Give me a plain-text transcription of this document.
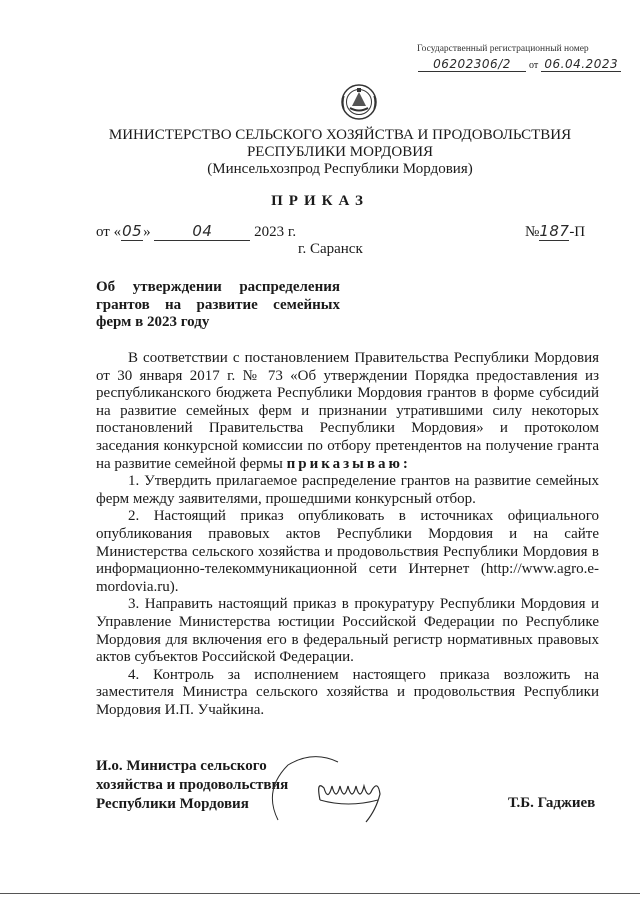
Государственный регистрационный номер
06202306/2 от 06.04.2023
МИНИСТЕРСТВО СЕЛЬСКОГО ХОЗЯЙСТВА И ПРОДОВОЛЬСТВИЯ
РЕСПУБЛИКИ МОРДОВИЯ
(Минсельхозпрод Республики Мордовия)
ПРИКАЗ
от «05»	04	2023 г.	№187-П
г. Саранск
Об утверждении распределения
грантов на развитие семейных
ферм в 2023 году

В соответствии с постановлением Правительства Республики Мордовия от 30 января 2017 г. № 73 «Об утверждении Порядка предоставления из республиканского бюджета Республики Мордовия грантов в форме субсидий на развитие семейных ферм и признании утратившими силу некоторых постановлений Правительства Республики Мордовия» и протоколом заседания конкурсной комиссии по отбору претендентов на получение гранта на развитие семейной фермы приказываю:

1. Утвердить прилагаемое распределение грантов на развитие семейных ферм между заявителями, прошедшими конкурсный отбор.

2. Настоящий приказ опубликовать в источниках официального опубликования правовых актов Республики Мордовия и на сайте Министерства сельского хозяйства и продовольствия Республики Мордовия в информационно-телекоммуникационной сети Интернет (http://www.agro.e-mordovia.ru).

3. Направить настоящий приказ в прокуратуру Республики Мордовия и Управление Министерства юстиции Российской Федерации по Республике Мордовия для включения его в федеральный регистр нормативных правовых актов субъектов Российской Федерации.

4. Контроль за исполнением настоящего приказа возложить на заместителя Министра сельского хозяйства и продовольствия Республики Мордовия И.П. Учайкина.

И.о. Министра сельского
хозяйства и продовольствия
Республики Мордовия	Т.Б. Гаджиев
